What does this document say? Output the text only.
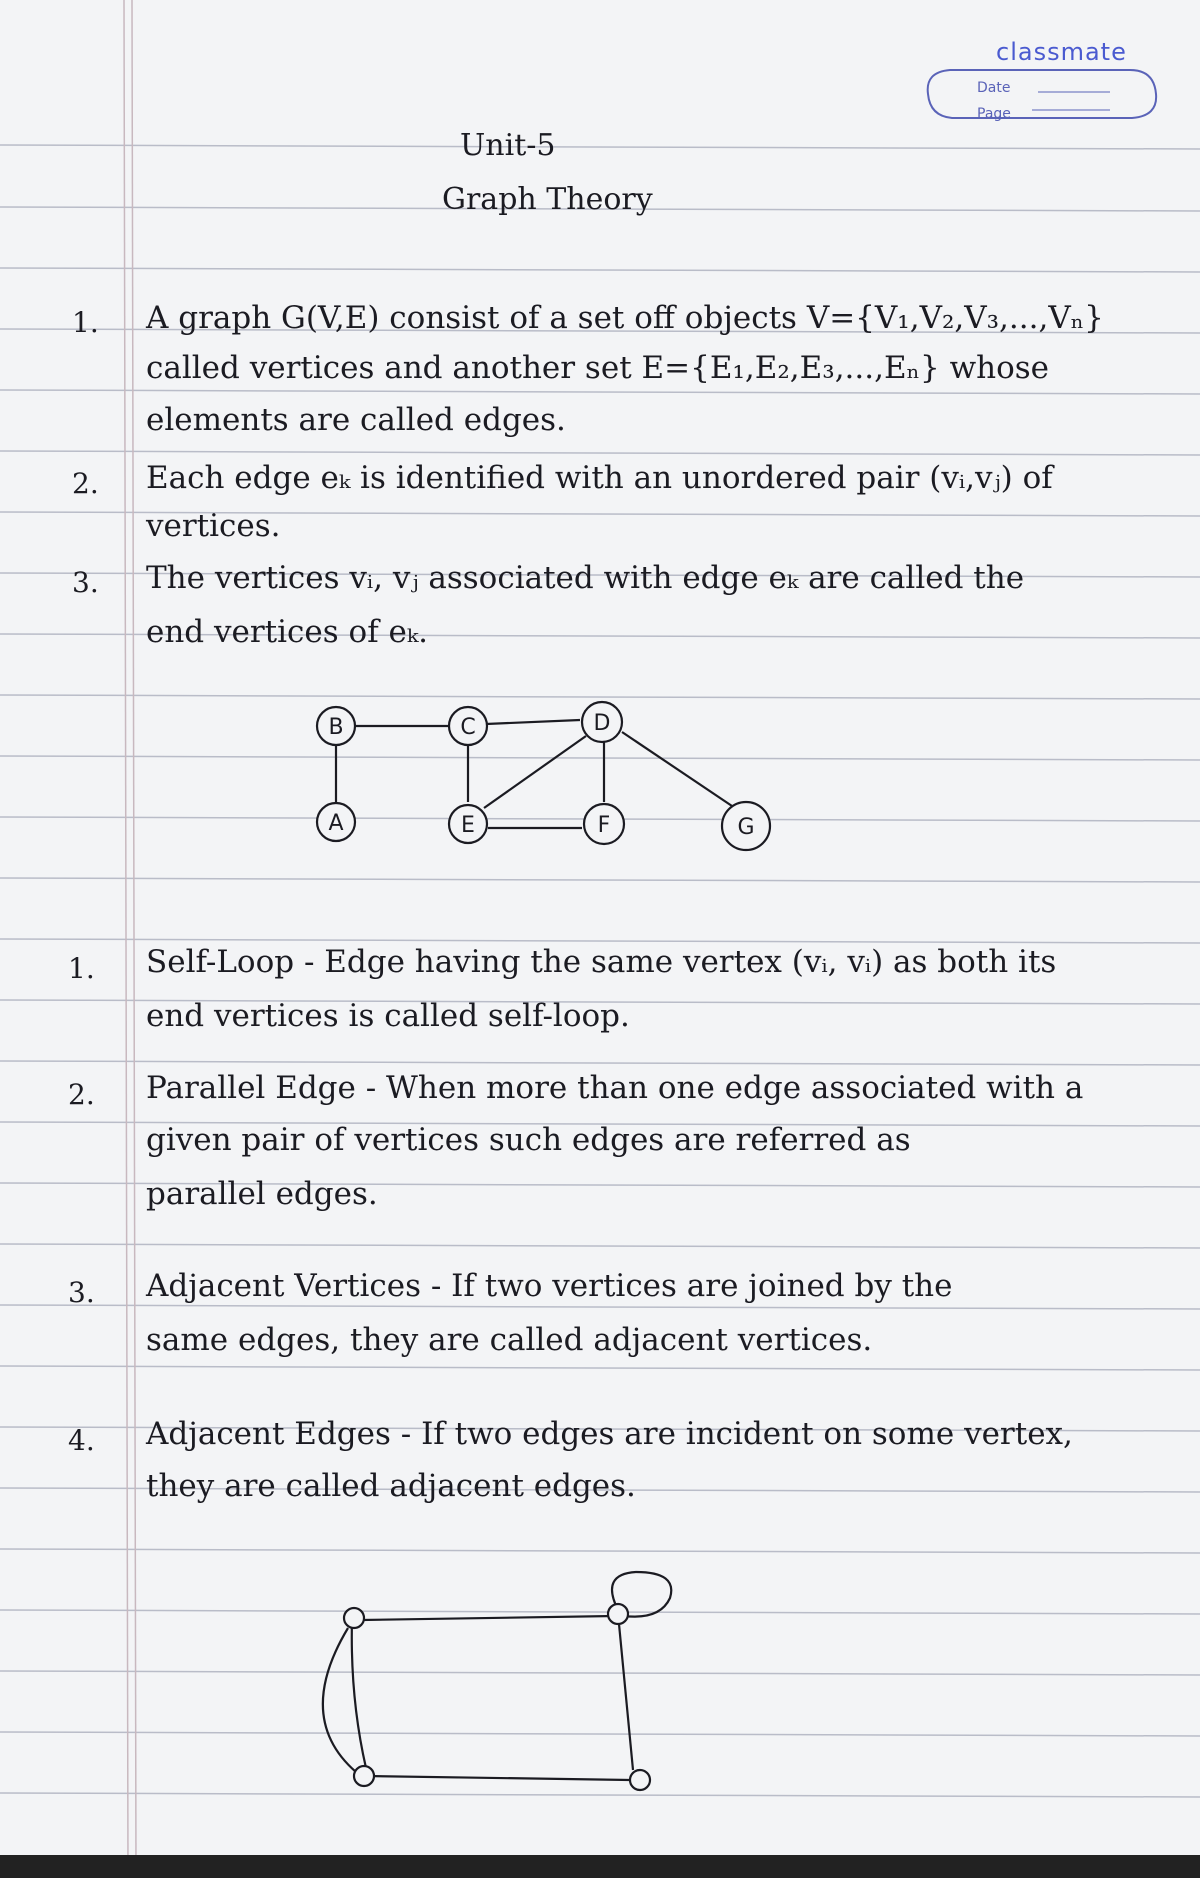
classmate
Date
Page
Unit-5
Graph Theory
1. A graph G(V,E) consist of a set off objects V={V₁,V₂,V₃,...,Vₙ}
called vertices and another set E={E₁,E₂,E₃,...,Eₙ} whose
elements are called edges.
2. Each edge eₖ is identified with an unordered pair (vᵢ,vⱼ) of
vertices.
3. The vertices vᵢ, vⱼ associated with edge eₖ are called the
end vertices of eₖ.
B	C	D
A	E	F	G
1. Self-Loop - Edge having the same vertex (vᵢ, vᵢ) as both its
end vertices is called self-loop.
2. Parallel Edge - When more than one edge associated with a
given pair of vertices such edges are referred as
parallel edges.
3. Adjacent Vertices - If two vertices are joined by the
same edges, they are called adjacent vertices.
4. Adjacent Edges - If two edges are incident on some vertex,
they are called adjacent edges.
